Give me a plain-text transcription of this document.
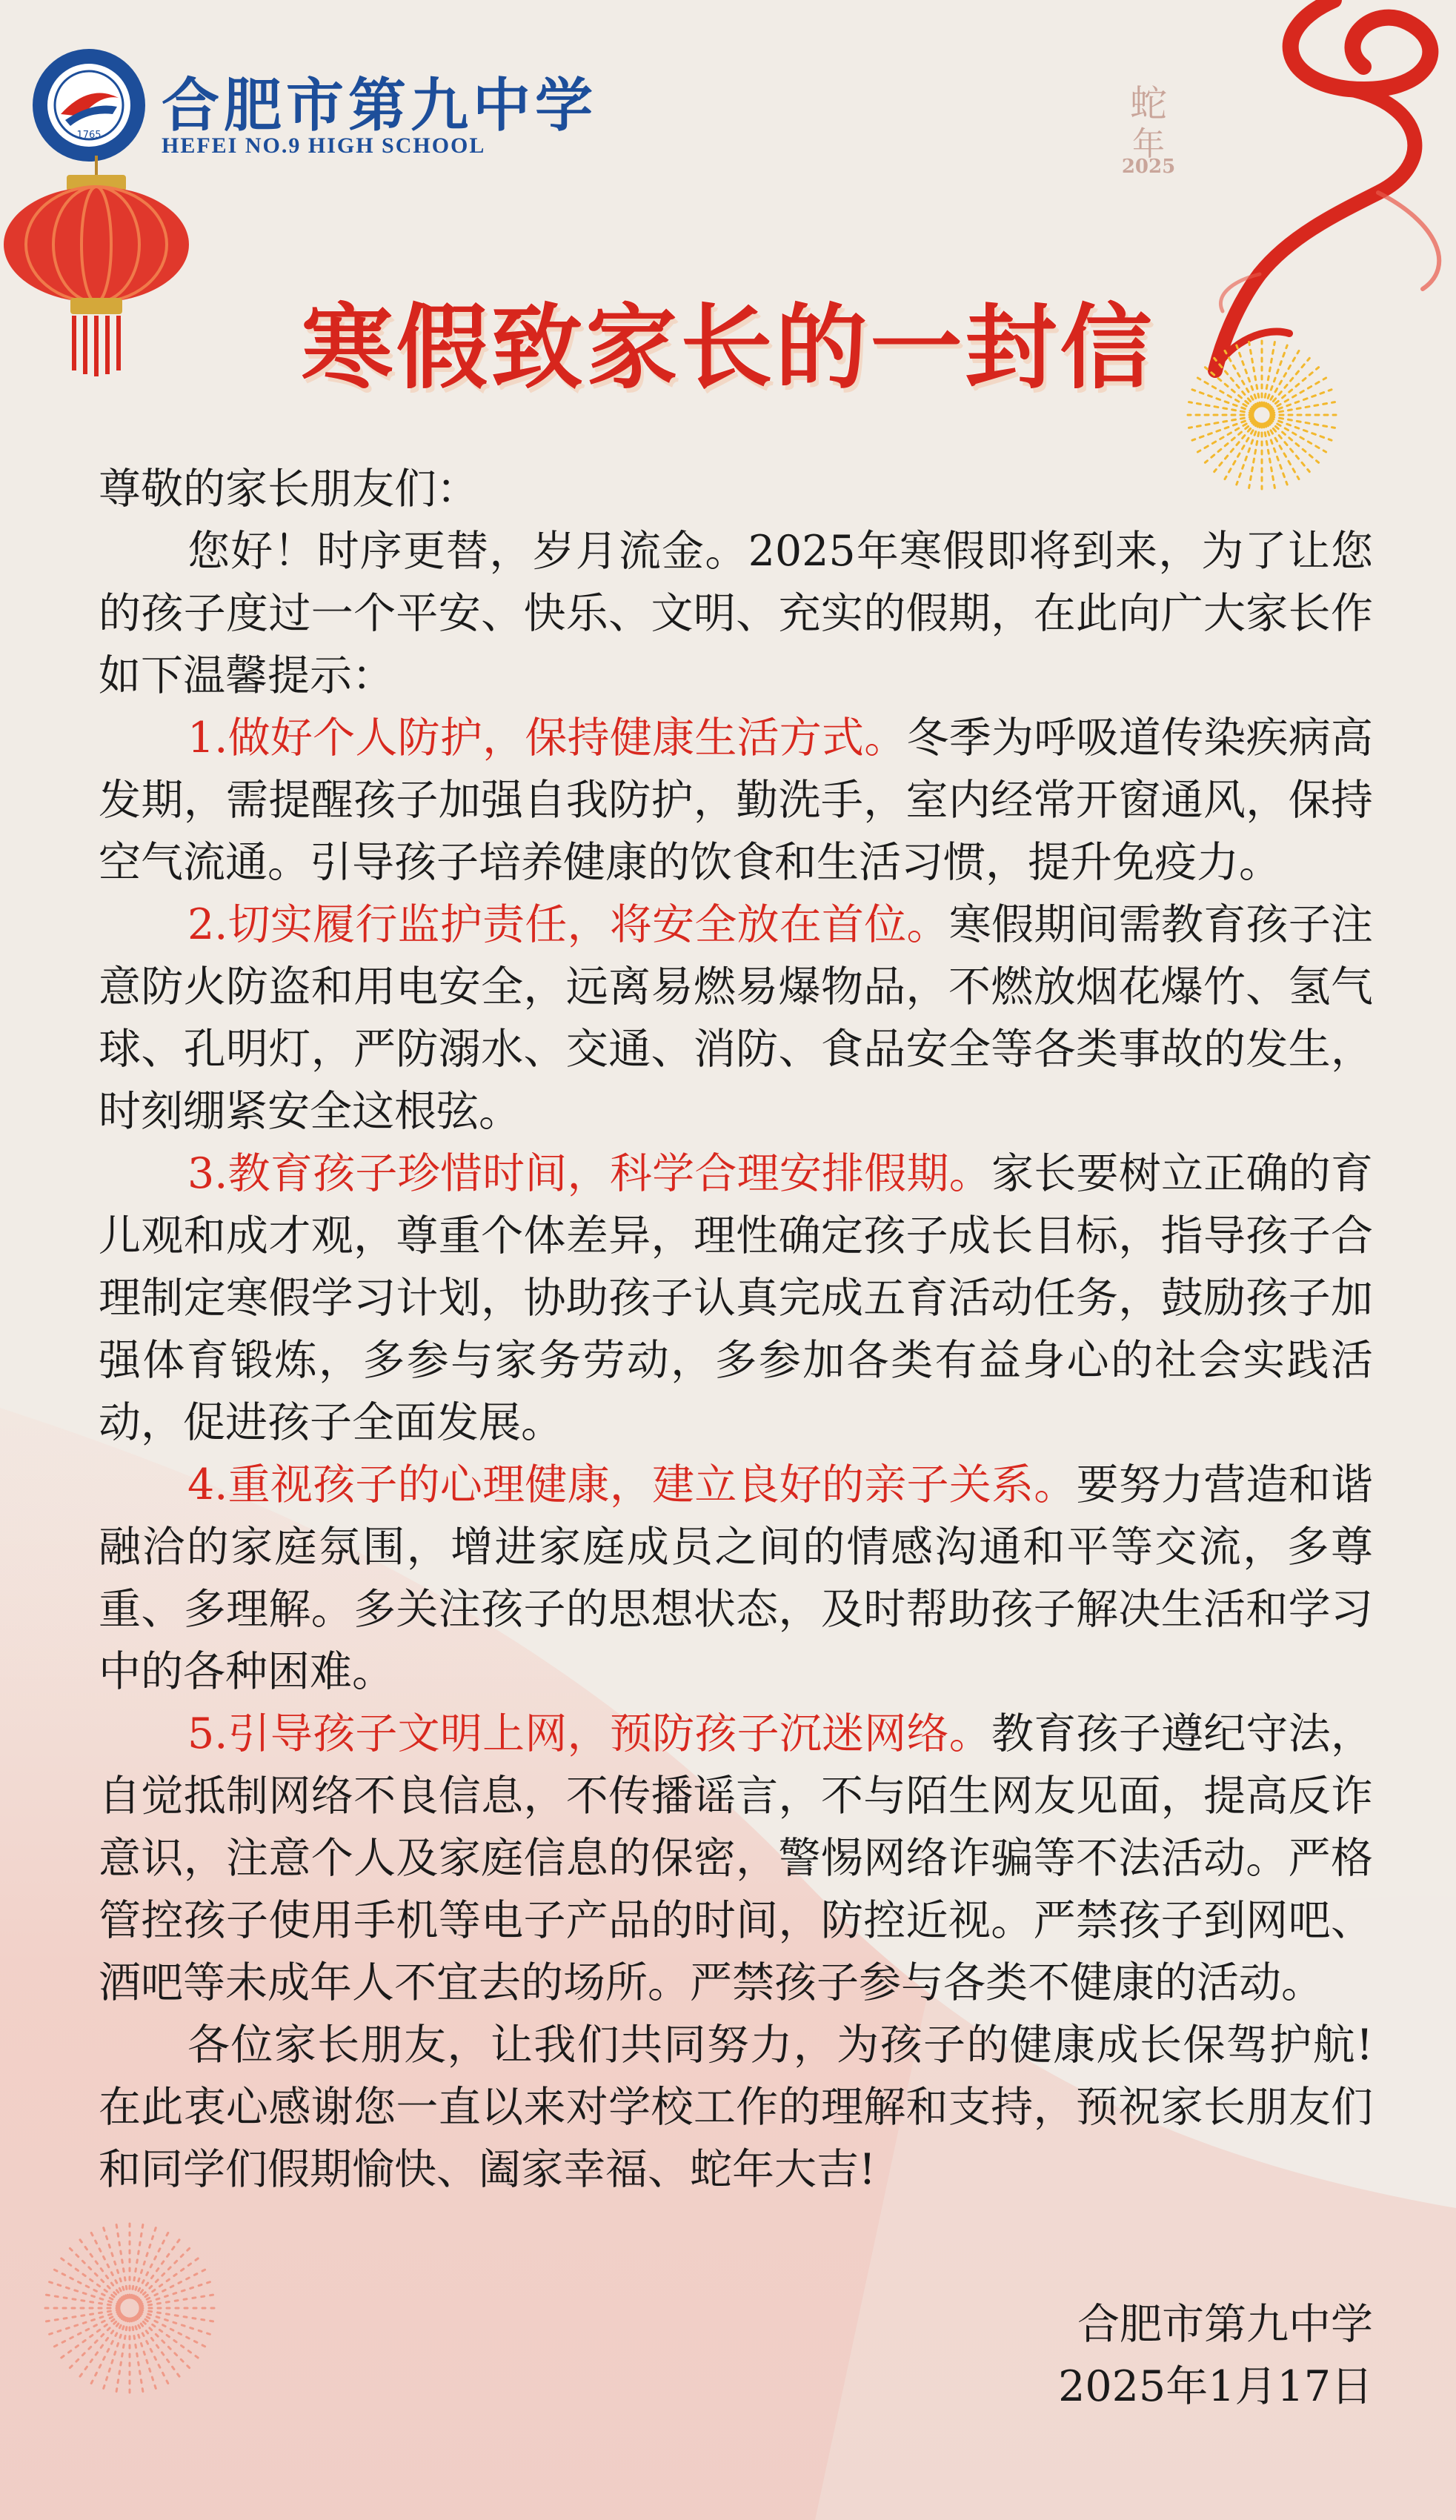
1765 合肥市第九中学
HEFEI NO.9 HIGH SCHOOL
蛇
年
2025
寒假致家长的一封信

尊敬的家长朋友们：

您好！时序更替，岁月流金。2025年寒假即将到来，为了让您的孩子度过一个平安、快乐、文明、充实的假期，在此向广大家长作如下温馨提示：

1.做好个人防护，保持健康生活方式。冬季为呼吸道传染疾病高发期，需提醒孩子加强自我防护，勤洗手，室内经常开窗通风，保持空气流通。引导孩子培养健康的饮食和生活习惯，提升免疫力。

2.切实履行监护责任，将安全放在首位。寒假期间需教育孩子注意防火防盗和用电安全，远离易燃易爆物品，不燃放烟花爆竹、氢气球、孔明灯，严防溺水、交通、消防、食品安全等各类事故的发生，时刻绷紧安全这根弦。

3.教育孩子珍惜时间，科学合理安排假期。家长要树立正确的育儿观和成才观，尊重个体差异，理性确定孩子成长目标，指导孩子合理制定寒假学习计划，协助孩子认真完成五育活动任务，鼓励孩子加强体育锻炼，多参与家务劳动，多参加各类有益身心的社会实践活动，促进孩子全面发展。

4.重视孩子的心理健康，建立良好的亲子关系。要努力营造和谐融洽的家庭氛围，增进家庭成员之间的情感沟通和平等交流，多尊重、多理解。多关注孩子的思想状态，及时帮助孩子解决生活和学习中的各种困难。

5.引导孩子文明上网，预防孩子沉迷网络。教育孩子遵纪守法，自觉抵制网络不良信息，不传播谣言，不与陌生网友见面，提高反诈意识，注意个人及家庭信息的保密，警惕网络诈骗等不法活动。严格管控孩子使用手机等电子产品的时间，防控近视。严禁孩子到网吧、酒吧等未成年人不宜去的场所。严禁孩子参与各类不健康的活动。

各位家长朋友，让我们共同努力，为孩子的健康成长保驾护航!在此衷心感谢您一直以来对学校工作的理解和支持，预祝家长朋友们和同学们假期愉快、阖家幸福、蛇年大吉!

合肥市第九中学
2025年1月17日
